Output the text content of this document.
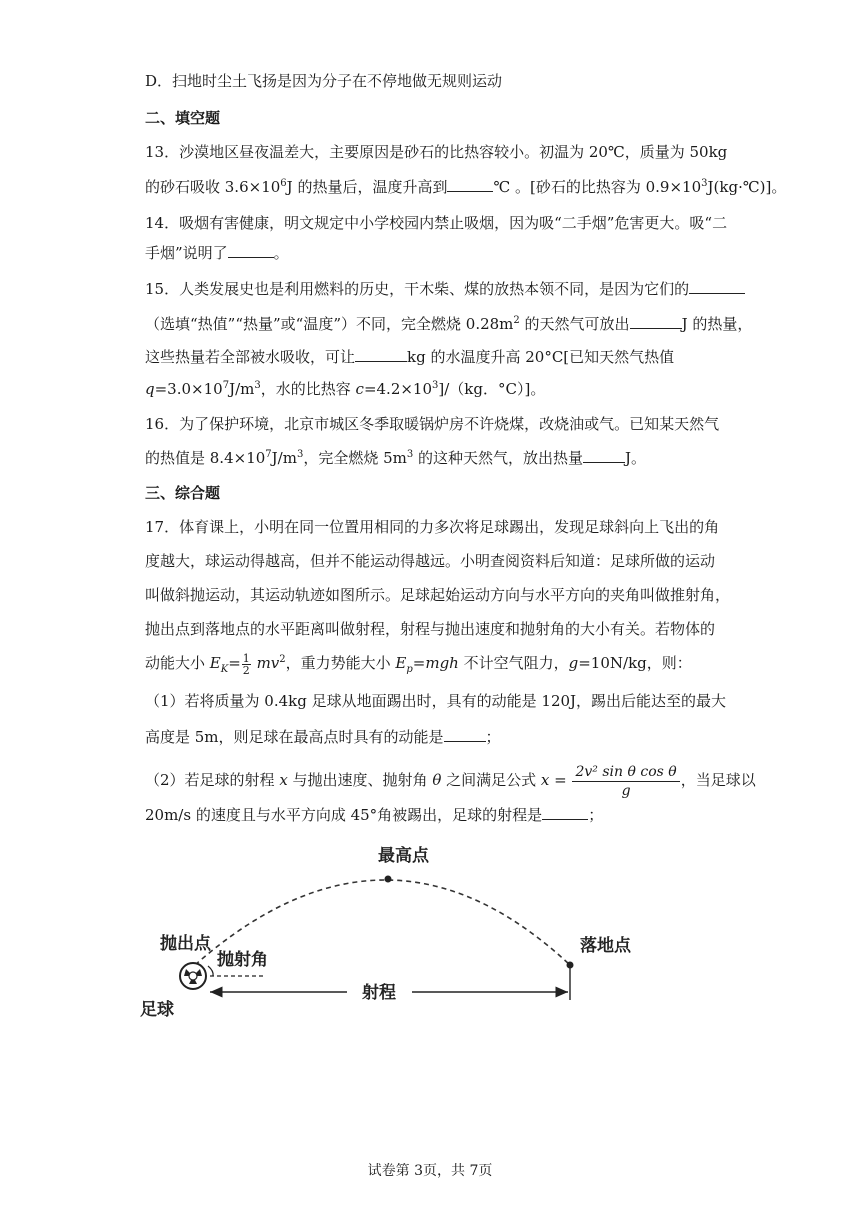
D．扫地时尘土飞扬是因为分子在不停地做无规则运动
二、填空题
13．沙漠地区昼夜温差大，主要原因是砂石的比热容较小。初温为 20℃，质量为 50kg
的砂石吸收 $3.6\times 10^6J$ 的热量后，温度升高到	℃ 。[砂石的比热容为 $0.9\times 10^3J(kg\cdot℃)$]。
14．吸烟有害健康，明文规定中小学校园内禁止吸烟，因为吸“二手烟”危害更大。吸“二
手烟”说明了	。
15．人类发展史也是利用燃料的历史，干木柴、煤的放热本领不同，是因为它们的
（选填“热值”“热量”或“温度”）不同，完全燃烧 $0.28m^2$ 的天然气可放出	J 的热量，
这些热量若全部被水吸收，可让	kg 的水温度升高 20°C[已知天然气热值
$q=3.0\times 10^7J/m^3$，水的比热容 $c=4.2\times 10^3]/(kg$．°C）]。
16．为了保护环境，北京市城区冬季取暖锅炉房不许烧煤，改烧油或气。已知某天然气
的热值是 $8.4\times 10^7J/m^3$，完全燃烧 $5m^3$ 的这种天然气，放出热量	J。
三、综合题
17．体育课上，小明在同一位置用相同的力多次将足球踢出，发现足球斜向上飞出的角
度越大，球运动得越高，但并不能运动得越远。小明查阅资料后知道：足球所做的运动
叫做斜抛运动，其运动轨迹如图所示。足球起始运动方向与水平方向的夹角叫做推射角，
抛出点到落地点的水平距离叫做射程，射程与抛出速度和抛射角的大小有关。若物体的
动能大小 $E_K= \frac{1}{2} mv^2$，重力势能大小 $E_p=mgh$ 不计空气阻力，g=10N/kg，则：
（1）若将质量为 0.4kg 足球从地面踢出时，具有的动能是 120J，踢出后能达至的最大
高度是 5m，则足球在最高点时具有的动能是	；
（2）若足球的射程 x 与抛出速度、抛射角 θ 之间满足公式 $x = \frac{\text{2v² sin θ cos θ}}{g}$ ，当足球以
20m/s 的速度且与水平方向成 45°角被踢出，足球的射程是	；
最高点
落地点
抛出点
抛射角
足球
射程
试卷第 3页，共 7页
